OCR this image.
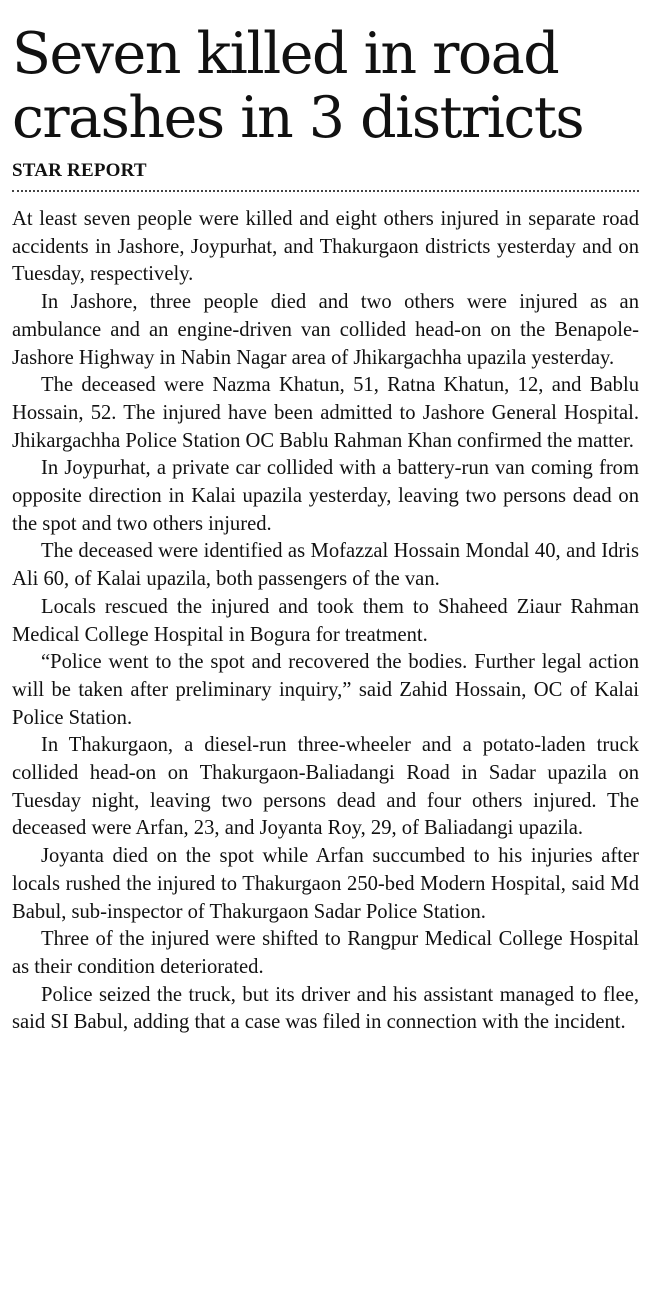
Seven killed in road crashes in 3 districts
STAR REPORT

At least seven people were killed and eight others injured in separate road accidents in Jashore, Joypurhat, and Thakurgaon districts yesterday and on Tuesday, respectively.

In Jashore, three people died and two others were injured as an ambulance and an engine-driven van collided head-on on the Benapole-Jashore Highway in Nabin Nagar area of Jhikargachha upazila yesterday.

The deceased were Nazma Khatun, 51, Ratna Khatun, 12, and Bablu Hossain, 52. The injured have been admitted to Jashore General Hospital. Jhikargachha Police Station OC Bablu Rahman Khan confirmed the matter.

In Joypurhat, a private car collided with a battery-run van coming from opposite direction in Kalai upazila yesterday, leaving two persons dead on the spot and two others injured.

The deceased were identified as Mofazzal Hossain Mondal 40, and Idris Ali 60, of Kalai upazila, both passengers of the van.

Locals rescued the injured and took them to Shaheed Ziaur Rahman Medical College Hospital in Bogura for treatment.

“Police went to the spot and recovered the bodies. Further legal action will be taken after preliminary inquiry,” said Zahid Hossain, OC of Kalai Police Station.

In Thakurgaon, a diesel-run three-wheeler and a potato-laden truck collided head-on on Thakurgaon-Baliadangi Road in Sadar upazila on Tuesday night, leaving two persons dead and four others injured. The deceased were Arfan, 23, and Joyanta Roy, 29, of Baliadangi upazila.

Joyanta died on the spot while Arfan succumbed to his injuries after locals rushed the injured to Thakurgaon 250-bed Modern Hospital, said Md Babul, sub-inspector of Thakurgaon Sadar Police Station.

Three of the injured were shifted to Rangpur Medical College Hospital as their condition deteriorated.

Police seized the truck, but its driver and his assistant managed to flee, said SI Babul, adding that a case was filed in connection with the incident.
